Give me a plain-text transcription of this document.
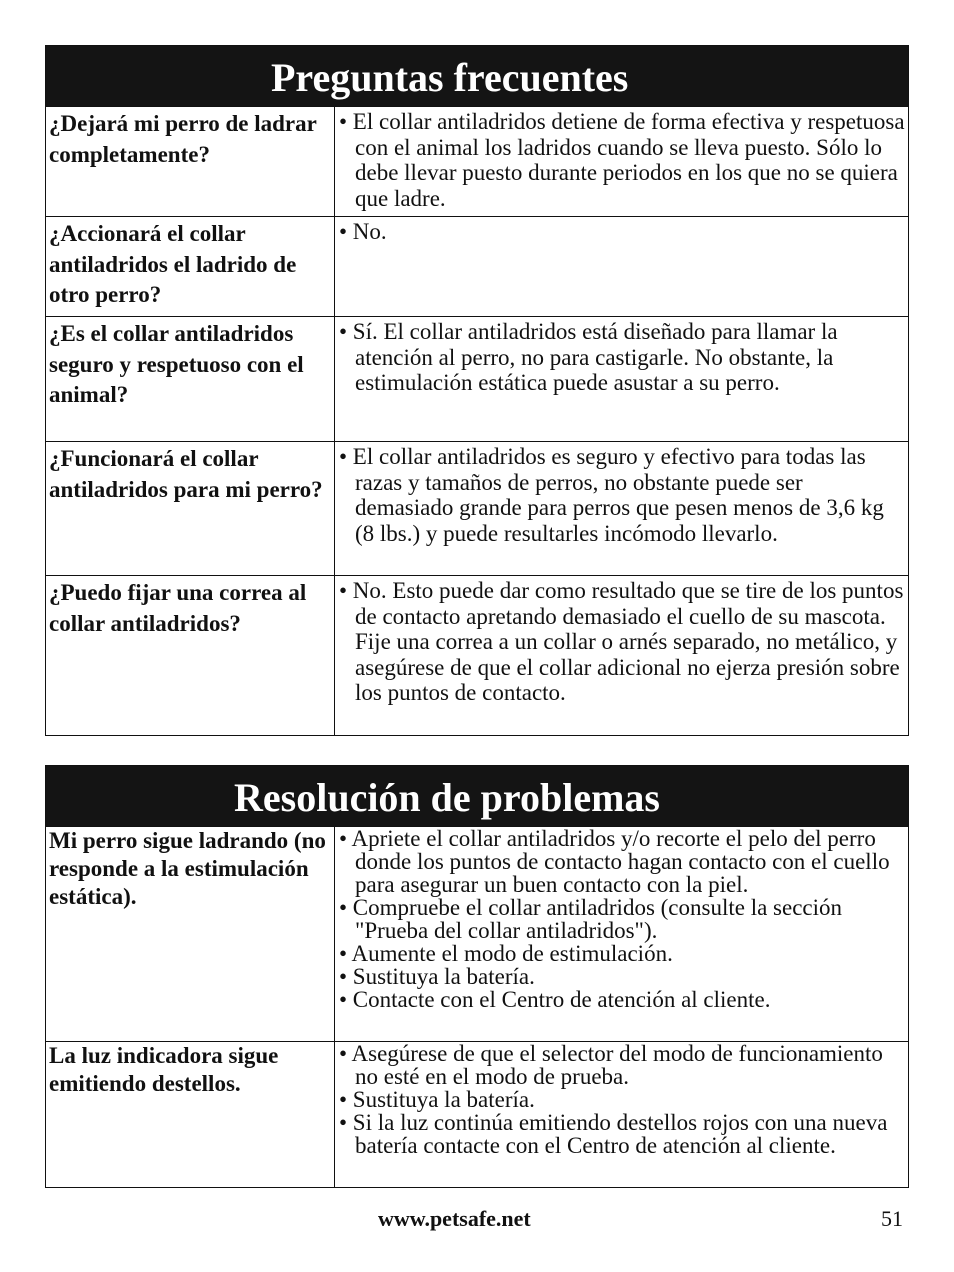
Preguntas frecuentes
¿Dejará mi perro de ladrar completamente?
• El collar antiladridos detiene de forma efectiva y respetuosa con el animal los ladridos cuando se lleva puesto. Sólo lo debe llevar puesto durante periodos en los que no se quiera que ladre.
¿Accionará el collar antiladridos el ladrido de otro perro?
• No.
¿Es el collar antiladridos seguro y respetuoso con el animal?
• Sí. El collar antiladridos está diseñado para llamar la atención al perro, no para castigarle. No obstante, la estimulación estática puede asustar a su perro.
¿Funcionará el collar antiladridos para mi perro?
• El collar antiladridos es seguro y efectivo para todas las razas y tamaños de perros, no obstante puede ser demasiado grande para perros que pesen menos de 3,6 kg (8 lbs.) y puede resultarles incómodo llevarlo.
¿Puedo fijar una correa al collar antiladridos?
• No. Esto puede dar como resultado que se tire de los puntos de contacto apretando demasiado el cuello de su mascota. Fije una correa a un collar o arnés separado, no metálico, y asegúrese de que el collar adicional no ejerza presión sobre los puntos de contacto.
Resolución de problemas
Mi perro sigue ladrando (no responde a la estimulación estática).
• Apriete el collar antiladridos y/o recorte el pelo del perro donde los puntos de contacto hagan contacto con el cuello para asegurar un buen contacto con la piel.
• Compruebe el collar antiladridos (consulte la sección "Prueba del collar antiladridos").
• Aumente el modo de estimulación.
• Sustituya la batería.
• Contacte con el Centro de atención al cliente.
La luz indicadora sigue emitiendo destellos.
• Asegúrese de que el selector del modo de funcionamiento no esté en el modo de prueba.
• Sustituya la batería.
• Si la luz continúa emitiendo destellos rojos con una nueva batería contacte con el Centro de atención al cliente.
www.petsafe.net	51
